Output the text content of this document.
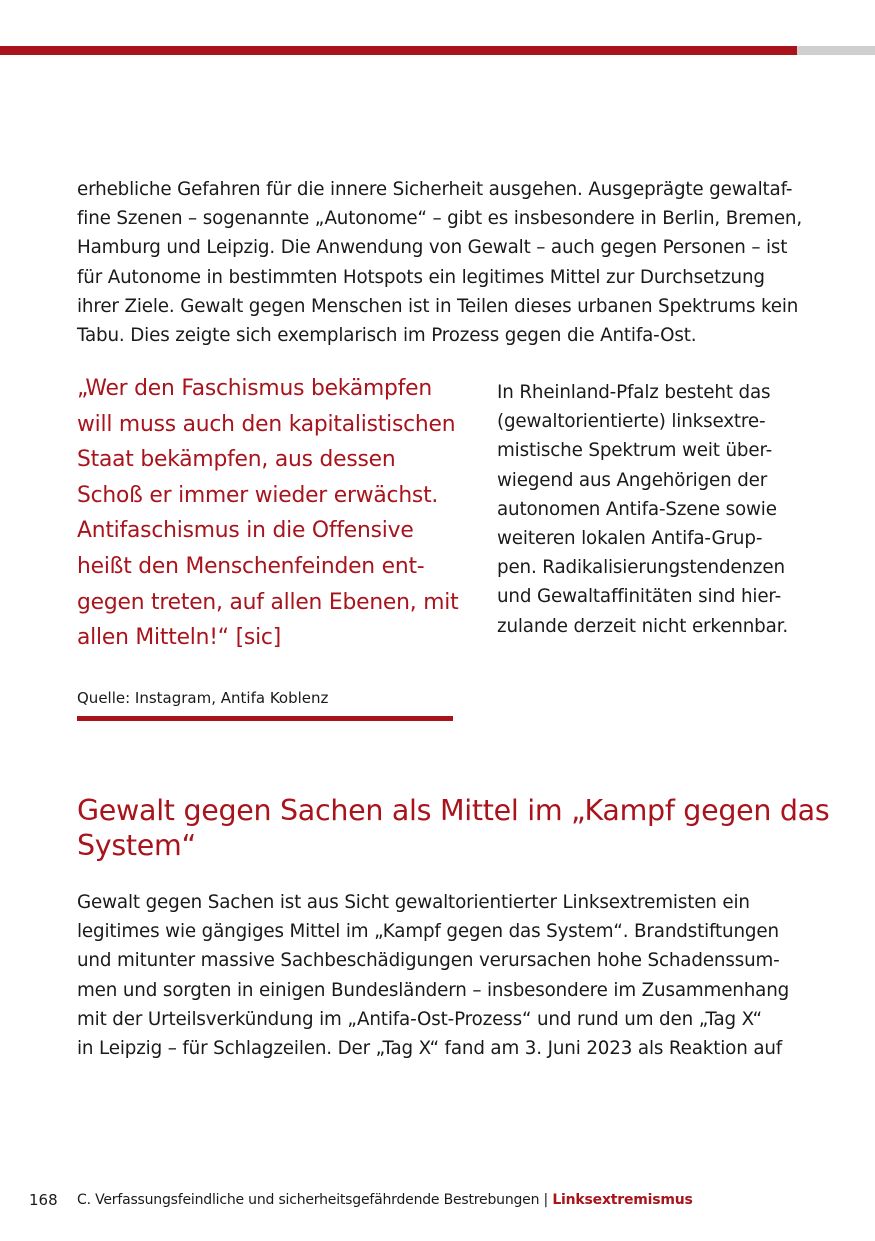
erhebliche Gefahren für die innere Sicherheit ausgehen. Ausgeprägte gewaltaf-
fine Szenen – sogenannte „Autonome“ – gibt es insbesondere in Berlin, Bremen,
Hamburg und Leipzig. Die Anwendung von Gewalt – auch gegen Personen – ist
für Autonome in bestimmten Hotspots ein legitimes Mittel zur Durchsetzung
ihrer Ziele. Gewalt gegen Menschen ist in Teilen dieses urbanen Spektrums kein
Tabu. Dies zeigte sich exemplarisch im Prozess gegen die Antifa-Ost.

„Wer den Faschismus bekämpfen
will muss auch den kapitalistischen
Staat bekämpfen, aus dessen
Schoß er immer wieder erwächst.
Antifaschismus in die Offensive
heißt den Menschenfeinden ent-
gegen treten, auf allen Ebenen, mit
allen Mitteln!“ [sic]

In Rheinland-Pfalz besteht das
(gewaltorientierte) linksextre-
mistische Spektrum weit über-
wiegend aus Angehörigen der
autonomen Antifa-Szene sowie
weiteren lokalen Antifa-Grup-
pen. Radikalisierungstendenzen
und Gewaltaffinitäten sind hier-
zulande derzeit nicht erkennbar.

Quelle: Instagram, Antifa Koblenz

Gewalt gegen Sachen als Mittel im „Kampf gegen das
System“

Gewalt gegen Sachen ist aus Sicht gewaltorientierter Linksextremisten ein
legitimes wie gängiges Mittel im „Kampf gegen das System“. Brandstiftungen
und mitunter massive Sachbeschädigungen verursachen hohe Schadenssum-
men und sorgten in einigen Bundesländern – insbesondere im Zusammenhang
mit der Urteilsverkündung im „Antifa-Ost-Prozess“ und rund um den „Tag X“
in Leipzig – für Schlagzeilen. Der „Tag X“ fand am 3. Juni 2023 als Reaktion auf

168 C. Verfassungsfeindliche und sicherheitsgefährdende Bestrebungen | Linksextremismus
